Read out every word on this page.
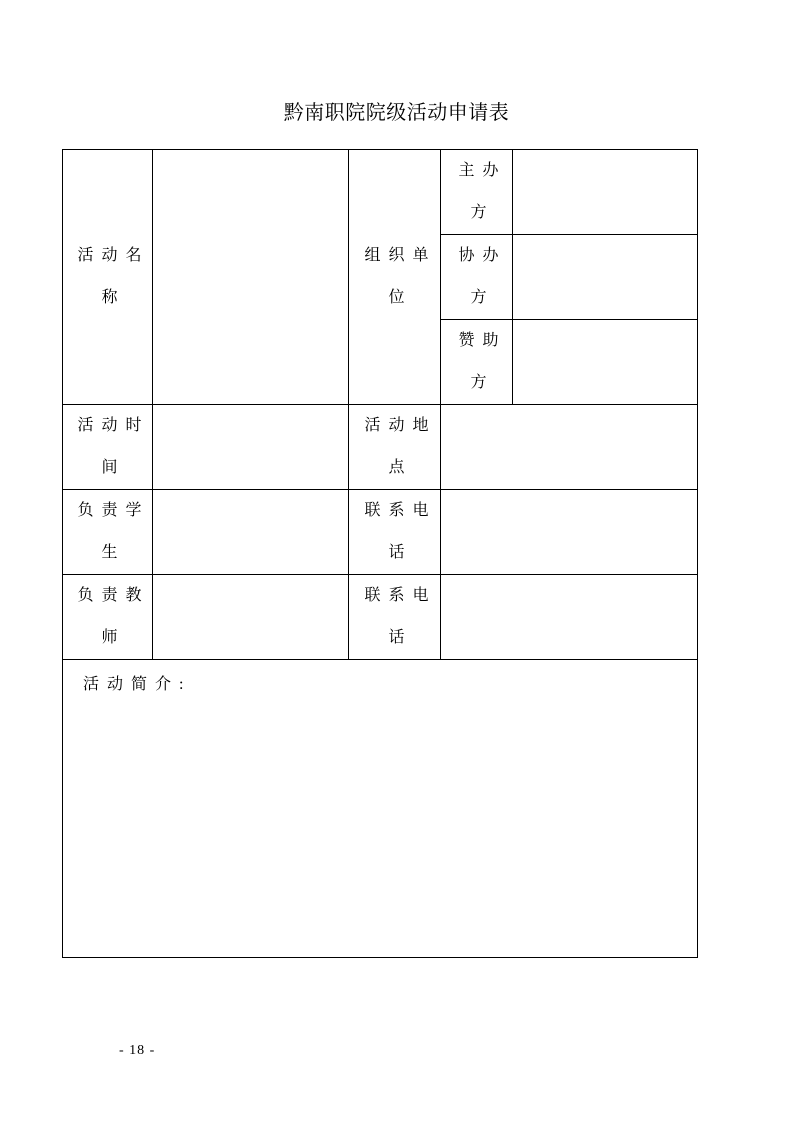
黔南职院院级活动申请表
活动名称		组织单位	主办方	
			协办方	
			赞助方	
活动时间		活动地点		
负责学生		联系电话		
负责教师		联系电话		
活动简介:				
- 18 -
